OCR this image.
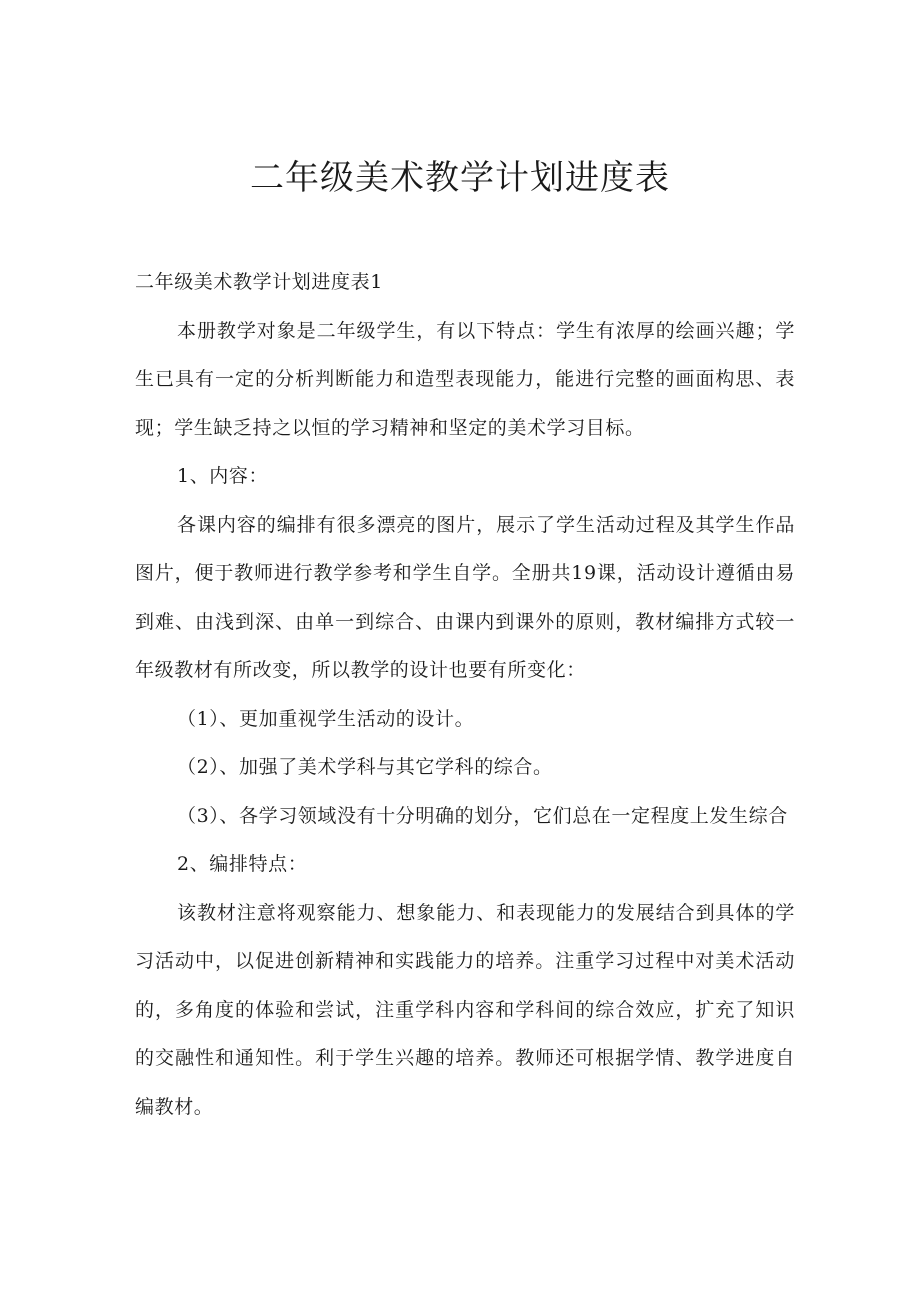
二年级美术教学计划进度表

二年级美术教学计划进度表1

本册教学对象是二年级学生，有以下特点：学生有浓厚的绘画兴趣；学生已具有一定的分析判断能力和造型表现能力，能进行完整的画面构思、表现；学生缺乏持之以恒的学习精神和坚定的美术学习目标。

1、内容：

各课内容的编排有很多漂亮的图片，展示了学生活动过程及其学生作品图片，便于教师进行教学参考和学生自学。全册共19课，活动设计遵循由易到难、由浅到深、由单一到综合、由课内到课外的原则，教材编排方式较一年级教材有所改变，所以教学的设计也要有所变化：

（1）、更加重视学生活动的设计。

（2）、加强了美术学科与其它学科的综合。

（3）、各学习领域没有十分明确的划分，它们总在一定程度上发生综合

2、编排特点：

该教材注意将观察能力、想象能力、和表现能力的发展结合到具体的学习活动中，以促进创新精神和实践能力的培养。注重学习过程中对美术活动的，多角度的体验和尝试，注重学科内容和学科间的综合效应，扩充了知识的交融性和通知性。利于学生兴趣的培养。教师还可根据学情、教学进度自编教材。
